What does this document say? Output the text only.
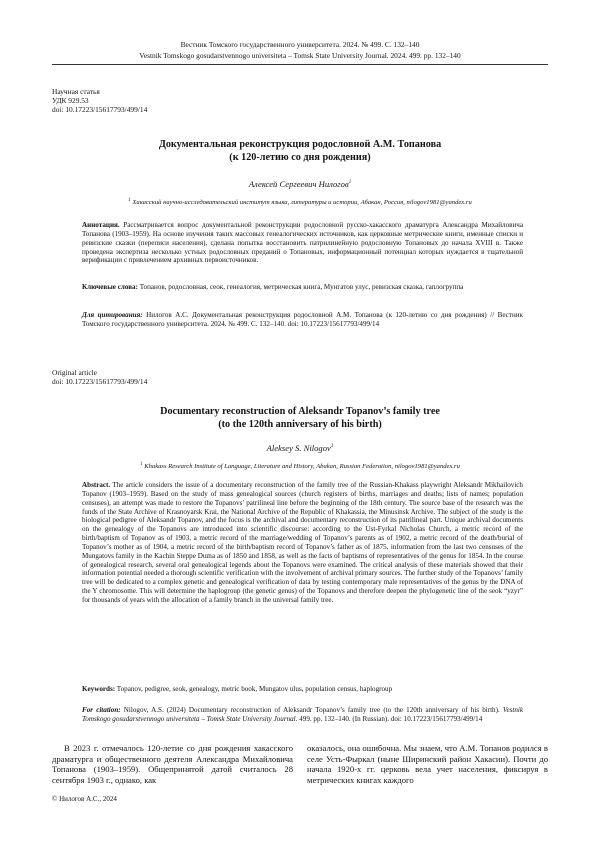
Вестник Томского государственного университета. 2024. № 499. С. 132–140
Vestnik Tomskogo gosudarstvennogo universiteta – Tomsk State University Journal. 2024. 499. pp. 132–140
Научная статья
УДК 929.53
doi: 10.17223/15617793/499/14
Документальная реконструкция родословной А.М. Топанова
(к 120-летию со дня рождения)
Алексей Сергеевич Нилогов$^1$
$^1$ Хакасский научно-исследовательский институт языка, литературы и истории, Абакан, Россия, nilogov1981@yandex.ru
Аннотация. Рассматривается вопрос документальной реконструкции родословной русско-хакасского драматурга Александра Михайловича Топанова (1903–1959). На основе изучения таких массовых генеалогических источников, как церковные метрические книги, именные списки и ревизские сказки (переписи населения), сделана попытка восстановить патрилинейную родословную Топановых до начала XVIII в. Также проведена экспертиза несколько устных родословных преданий о Топановых, информационный потенциал которых нуждается в тщательной верификации с привлечением архивных первоисточников.
Ключевые слова: Топанов, родословная, сеок, генеалогия, метрическая книга, Мунгатов улус, ревизская сказка, гаплогруппа
Для цитирования: Нилогов А.С. Документальная реконструкция родословной А.М. Топанова (к 120-летию со дня рождения) // Вестник Томского государственного университета. 2024. № 499. С. 132–140. doi: 10.17223/15617793/499/14
Original article
doi: 10.17223/15617793/499/14
Documentary reconstruction of Aleksandr Topanov’s family tree
(to the 120th anniversary of his birth)
Aleksey S. Nilogov$^1$
$^1$ Khakass Research Institute of Language, Literature and History, Abakan, Russian Federation, nilogov1981@yandex.ru
Abstract. The article considers the issue of a documentary reconstruction of the family tree of the Russian-Khakass playwright Aleksandr Mikhailovich Topanov (1903–1959). Based on the study of mass genealogical sources (church registers of births, marriages and deaths; lists of names; population censuses), an attempt was made to restore the Topanovs’ patrilineal line before the beginning of the 18th century. The source base of the research was the funds of the State Archive of Krasnoyarsk Krai, the National Archive of the Republic of Khakassia, the Minusinsk Archive. The subject of the study is the biological pedigree of Aleksandr Topanov, and the focus is the archival and documentary reconstruction of its patrilineal part. Unique archival documents on the genealogy of the Topanovs are introduced into scientific discourse: according to the Ust-Fyrkal Nicholas Church, a metric record of the birth/baptism of Topanov as of 1903, a metric record of the marriage/wedding of Topanov’s parents as of 1902, a metric record of the death/burial of Topanov’s mother as of 1904, a metric record of the birth/baptism record of Topanov’s father as of 1875, information from the last two censuses of the Mungatovs family in the Kachin Steppe Duma as of 1850 and 1858, as well as the facts of baptisms of representatives of the genus for 1854. In the course of genealogical research, several oral genealogical legends about the Topanovs were examined. The critical analysis of these materials showed that their information potential needed a thorough scientific verification with the involvement of archival primary sources. The further study of the Topanovs’ family tree will be dedicated to a complex genetic and genealogical verification of data by testing contemporary male representatives of the genus by the DNA of the Y chromosome. This will determine the haplogroup (the genetic genus) of the Topanovs and therefore deepen the phylogenetic line of the seok “yzyr” for thousands of years with the allocation of a family branch in the universal family tree.
Keywords: Topanov, pedigree, seok, genealogy, metric book, Mungatov ulus, population census, haplogroup
For citation: Nilogov, A.S. (2024) Documentary reconstruction of Aleksandr Topanov’s family tree (to the 120th anniversary of his birth). Vestnik Tomskogo gosudarstvennogo universiteta – Tomsk State University Journal. 499. pp. 132–140. (In Russian). doi: 10.17223/15617793/499/14
В 2023 г. отмечалось 120-летие со дня рождения хакасского драматурга и общественного деятеля Александра Михайловича Топанова (1903–1959). Общепринятой датой считалось 28 сентября 1903 г., однако, как
оказалось, она ошибочна. Мы знаем, что А.М. Топанов родился в селе Усть-Фыркал (ныне Ширинский район Хакасии). Почти до начала 1920-х гг. церковь вела учет населения, фиксируя в метрических книгах каждого
© Нилогов А.С., 2024
